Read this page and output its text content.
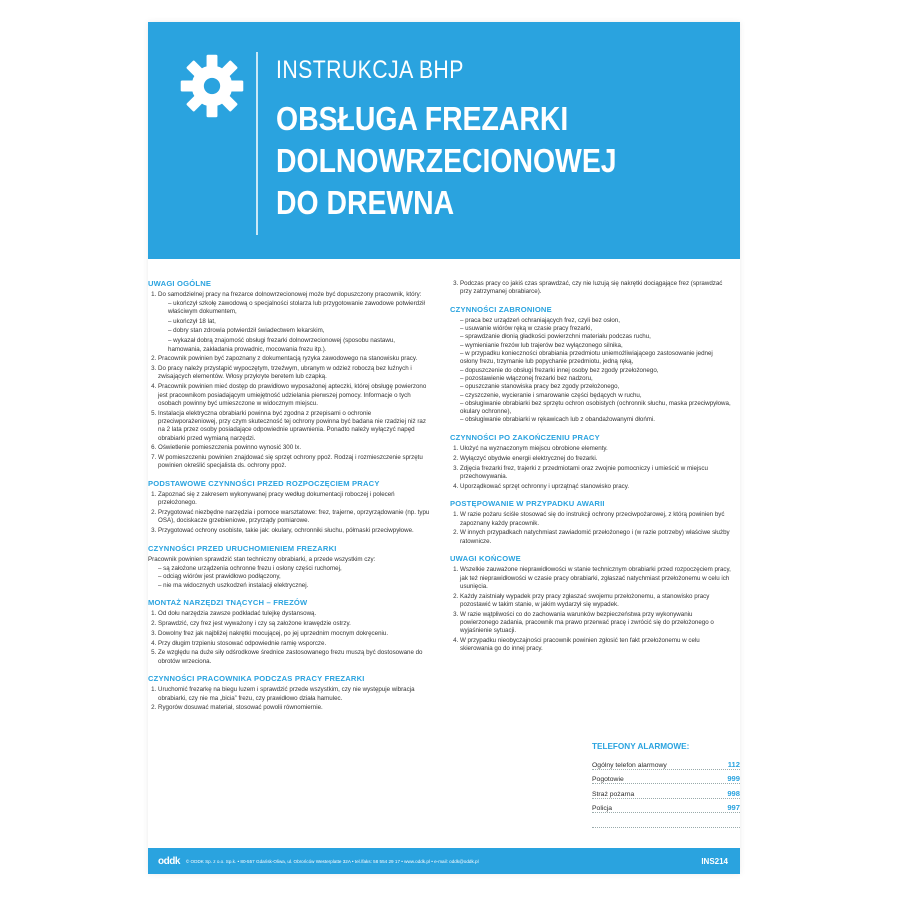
INSTRUKCJA BHP
OBSŁUGA FREZARKI
DOLNOWRZECIONOWEJ
DO DREWNA
UWAGI OGÓLNE
1. Do samodzielnej pracy na frezarce dolnowrzecionowej może być dopuszczony pracownik, który:
– ukończył szkołę zawodową o specjalności stolarza lub przygotowanie zawodowe potwierdził właściwym dokumentem,
– ukończył 18 lat,
– dobry stan zdrowia potwierdził świadectwem lekarskim,
– wykazał dobrą znajomość obsługi frezarki dolnowrzecionowej (sposobu nastawu, hamowania, zakładania prowadnic, mocowania frezu itp.).
2. Pracownik powinien być zapoznany z dokumentacją ryzyka zawodowego na stanowisku pracy.
3. Do pracy należy przystąpić wypoczętym, trzeźwym, ubranym w odzież roboczą bez luźnych i zwisających elementów. Włosy przykryte beretem lub czapką.
4. Pracownik powinien mieć dostęp do prawidłowo wyposażonej apteczki, której obsługę powierzono jest pracownikom posiadającym umiejętność udzielania pierwszej pomocy. Informacje o tych osobach powinny być umieszczone w widocznym miejscu.
5. Instalacja elektryczna obrabiarki powinna być zgodna z przepisami o ochronie przeciwporażeniowej, przy czym skuteczność tej ochrony powinna być badana nie rzadziej niż raz na 2 lata przez osoby posiadające odpowiednie uprawnienia. Ponadto należy wyłączyć napęd obrabiarki przed wymianą narzędzi.
6. Oświetlenie pomieszczenia powinno wynosić 300 lx.
7. W pomieszczeniu powinien znajdować się sprzęt ochrony ppoż. Rodzaj i rozmieszczenie sprzętu powinien określić specjalista ds. ochrony ppoż.
PODSTAWOWE CZYNNOŚCI PRZED ROZPOCZĘCIEM PRACY
1. Zapoznać się z zakresem wykonywanej pracy według dokumentacji roboczej i poleceń przełożonego.
2. Przygotować niezbędne narzędzia i pomoce warsztatowe: frez, trajerne, oprzyrządowanie (np. typu OSA), dociskacze grzebieniowe, przyrządy pomiarowe.
3. Przygotować ochrony osobiste, takie jak: okulary, ochronniki słuchu, półmaski przeciwpyłowe.
CZYNNOŚCI PRZED URUCHOMIENIEM FREZARKI

Pracownik powinien sprawdzić stan techniczny obrabiarki, a przede wszystkim czy:

– są założone urządzenia ochronne frezu i osłony części ruchomej,
– odciąg wiórów jest prawidłowo podłączony,
– nie ma widocznych uszkodzeń instalacji elektrycznej.
MONTAŻ NARZĘDZI TNĄCYCH – FREZÓW
1. Od dołu narzędzia zawsze podkładać tulejkę dystansową.
2. Sprawdzić, czy frez jest wyważony i czy są założone krawędzie ostrzy.
3. Dowolny frez jak najbliżej nakrętki mocującej, po jej uprzednim mocnym dokręceniu.
4. Przy długim trzpieniu stosować odpowiednie ramię wsporcze.
5. Ze względu na duże siły odśrodkowe średnice zastosowanego frezu muszą być dostosowane do obrotów wrzeciona.
CZYNNOŚCI PRACOWNIKA PODCZAS PRACY FREZARKI
1. Uruchomić frezarkę na biegu luzem i sprawdzić przede wszystkim, czy nie występuje wibracja obrabiarki, czy nie ma „bicia” frezu, czy prawidłowo działa hamulec.
2. Rygorów dosuwać materiał, stosować powolii równomiernie.
3. Podczas pracy co jakiś czas sprawdzać, czy nie luzują się nakrętki dociągające frez (sprawdzać przy zatrzymanej obrabiarce).
CZYNNOŚCI ZABRONIONE
– praca bez urządzeń ochraniających frez, czyli bez osłon,
– usuwanie wiórów ręką w czasie pracy frezarki,
– sprawdzanie dłonią gładkości powierzchni materiału podczas ruchu,
– wymienianie frezów lub trajerów bez wyłączonego silnika,
– w przypadku konieczności obrabiania przedmiotu uniemożliwiającego zastosowanie jednej osłony frezu, trzymanie lub popychanie przedmiotu, jedną ręką,
– dopuszczenie do obsługi frezarki innej osoby bez zgody przełożonego,
– pozostawienie włączonej frezarki bez nadzoru,
– opuszczanie stanowiska pracy bez zgody przełożonego,
– czyszczenie, wycieranie i smarowanie części będących w ruchu,
– obsługiwanie obrabiarki bez sprzętu ochron osobistych (ochronnik słuchu, maska przeciwpyłowa, okulary ochronne),
– obsługiwanie obrabiarki w rękawicach lub z obandażowanymi dłońmi.
CZYNNOŚCI PO ZAKOŃCZENIU PRACY
1. Ułożyć na wyznaczonym miejscu obrobione elementy.
2. Wyłączyć obydwie energii elektrycznej do frezarki.
3. Zdjęcia frezarki frez, trajerki z przedmiotami oraz zwojnie pomocniczy i umieścić w miejscu przechowywania.
4. Uporządkować sprzęt ochronny i uprzątnąć stanowisko pracy.
POSTĘPOWANIE W PRZYPADKU AWARII
1. W razie pożaru ściśle stosować się do instrukcji ochrony przeciwpożarowej, z którą powinien być zapoznany każdy pracownik.
2. W innych przypadkach natychmiast zawiadomić przełożonego i (w razie potrzeby) właściwe służby ratownicze.
UWAGI KOŃCOWE
1. Wszelkie zauważone nieprawidłowości w stanie technicznym obrabiarki przed rozpoczęciem pracy, jak też nieprawidłowości w czasie pracy obrabiarki, zgłaszać natychmiast przełożonemu w celu ich usunięcia.
2. Każdy zaistniały wypadek przy pracy zgłaszać swojemu przełożonemu, a stanowisko pracy pozostawić w takim stanie, w jakim wydarzył się wypadek.
3. W razie wątpliwości co do zachowania warunków bezpieczeństwa przy wykonywaniu powierzonego zadania, pracownik ma prawo przerwać pracę i zwrócić się do przełożonego o wyjaśnienie sytuacji.
4. W przypadku nieobyczajności pracownik powinien zgłosić ten fakt przełożonemu w celu skierowania go do innej pracy.
TELEFONY ALARMOWE:
Ogólny telefon alarmowy	112
Pogotowie	999
Straż pożarna	998
Policja	997
oddk © ODDK Sp. z o.o. Sp.k. • 80-557 Gdańsk-Oliwa, ul. Obrońców Westerplatte 32A • tel./faks: 58 554 29 17 • www.oddk.pl • e-mail: oddk@oddk.pl	INS214
